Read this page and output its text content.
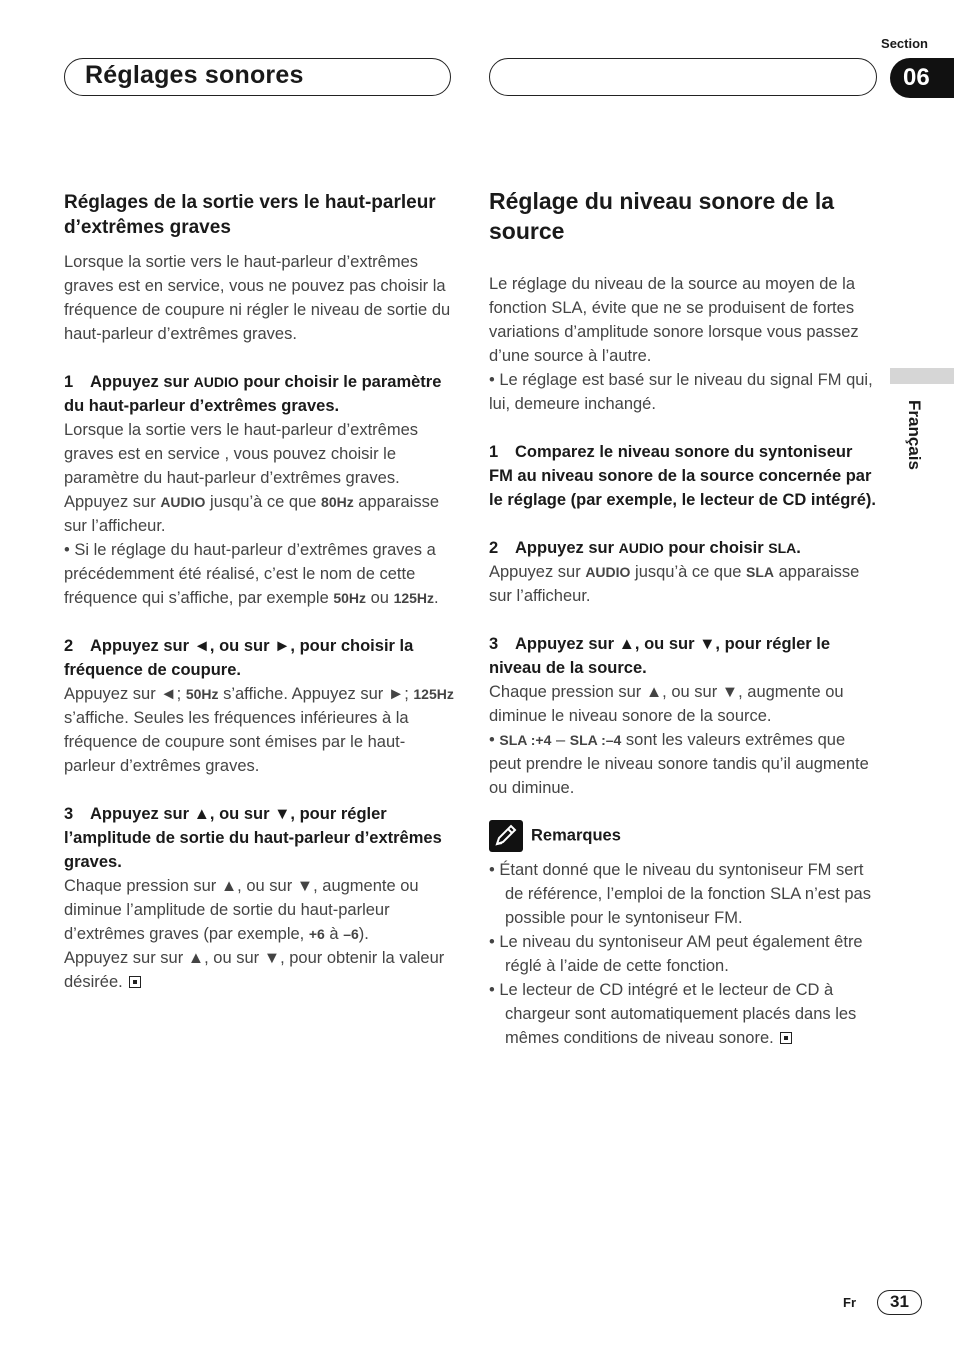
Réglages sonores
Section
06
Français

Réglages de la sortie vers le haut-parleur d’extrêmes graves

Lorsque la sortie vers le haut-parleur d’extrêmes graves est en service, vous ne pouvez pas choisir la fréquence de coupure ni régler le niveau de sortie du haut-parleur d’extrêmes graves.

1 Appuyez sur AUDIO pour choisir le paramètre du haut-parleur d’extrêmes graves.

Lorsque la sortie vers le haut-parleur d’extrêmes graves est en service , vous pouvez choisir le paramètre du haut-parleur d’extrêmes graves.

Appuyez sur AUDIO jusqu’à ce que 80Hz apparaisse sur l’afficheur.

• Si le réglage du haut-parleur d’extrêmes graves a précédemment été réalisé, c’est le nom de cette fréquence qui s’affiche, par exemple 50Hz ou 125Hz.

2 Appuyez sur ◄, ou sur ►, pour choisir la fréquence de coupure.

Appuyez sur ◄; 50Hz s’affiche. Appuyez sur ►; 125Hz s’affiche. Seules les fréquences inférieures à la fréquence de coupure sont émises par le haut-parleur d’extrêmes graves.

3 Appuyez sur ▲, ou sur ▼, pour régler l’amplitude de sortie du haut-parleur d’extrêmes graves.

Chaque pression sur ▲, ou sur ▼, augmente ou diminue l’amplitude de sortie du haut-parleur d’extrêmes graves (par exemple, +6 à –6).

Appuyez sur sur ▲, ou sur ▼, pour obtenir la valeur désirée.

Réglage du niveau sonore de la source

Le réglage du niveau de la source au moyen de la fonction SLA, évite que ne se produisent de fortes variations d’amplitude sonore lorsque vous passez d’une source à l’autre.

• Le réglage est basé sur le niveau du signal FM qui, lui, demeure inchangé.

1 Comparez le niveau sonore du syntoniseur FM au niveau sonore de la source concernée par le réglage (par exemple, le lecteur de CD intégré).

2 Appuyez sur AUDIO pour choisir SLA.

Appuyez sur AUDIO jusqu’à ce que SLA apparaisse sur l’afficheur.

3 Appuyez sur ▲, ou sur ▼, pour régler le niveau de la source.

Chaque pression sur ▲, ou sur ▼, augmente ou diminue le niveau sonore de la source.

• SLA :+4 – SLA :–4 sont les valeurs extrêmes que peut prendre le niveau sonore tandis qu’il augmente ou diminue.

Remarques

• Étant donné que le niveau du syntoniseur FM sert de référence, l’emploi de la fonction SLA n’est pas possible pour le syntoniseur FM.

• Le niveau du syntoniseur AM peut également être réglé à l’aide de cette fonction.

• Le lecteur de CD intégré et le lecteur de CD à chargeur sont automatiquement placés dans les mêmes conditions de niveau sonore.

Fr	31
